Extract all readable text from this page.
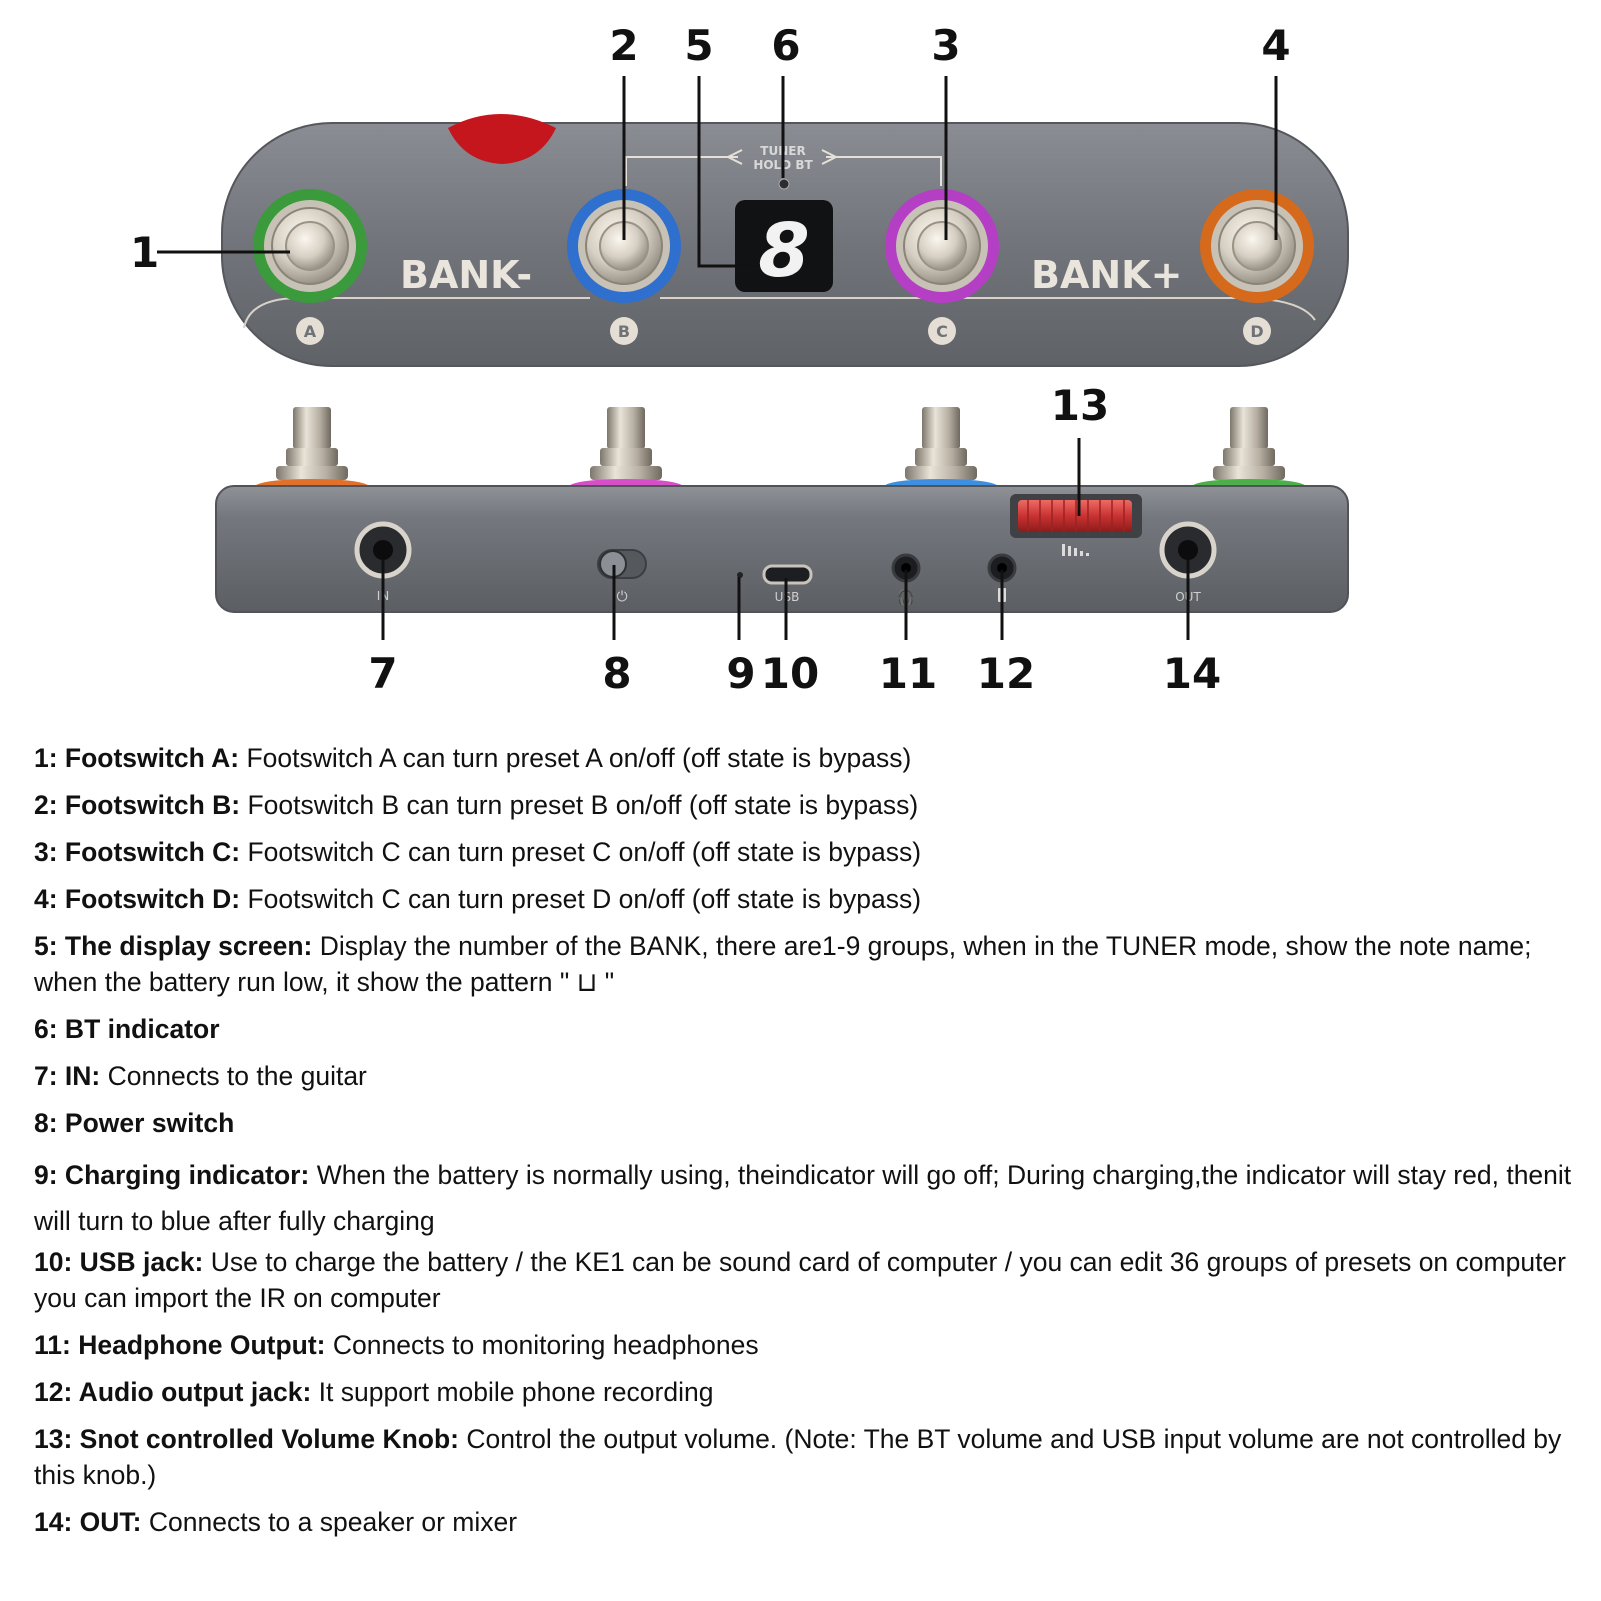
TUNER
HOLD BT
8
BANK-	BANK+
A	B	C	D
IN	⏻	USB	🎧	OUT
1
2 5 6	3	4
13
7	8 9 10 11 12	14

1: Footswitch A: Footswitch A can turn preset A on/off (off state is bypass)

2: Footswitch B: Footswitch B can turn preset B on/off (off state is bypass)

3: Footswitch C: Footswitch C can turn preset C on/off (off state is bypass)

4: Footswitch D: Footswitch C can turn preset D on/off (off state is bypass)

5: The display screen: Display the number of the BANK, there are1-9 groups, when in the TUNER mode, show the note name; when the battery run low, it show the pattern " ⊔ "

6: BT indicator

7: IN: Connects to the guitar

8: Power switch

9: Charging indicator: When the battery is normally using, theindicator will go off; During charging,the indicator will stay red, thenit will turn to blue after fully charging

10: USB jack: Use to charge the battery / the KE1 can be sound card of computer / you can edit 36 groups of presets on computer you can import the IR on computer

11: Headphone Output: Connects to monitoring headphones

12: Audio output jack: It support mobile phone recording

13: Snot controlled Volume Knob: Control the output volume. (Note: The BT volume and USB input volume are not controlled by this knob.)

14: OUT: Connects to a speaker or mixer
